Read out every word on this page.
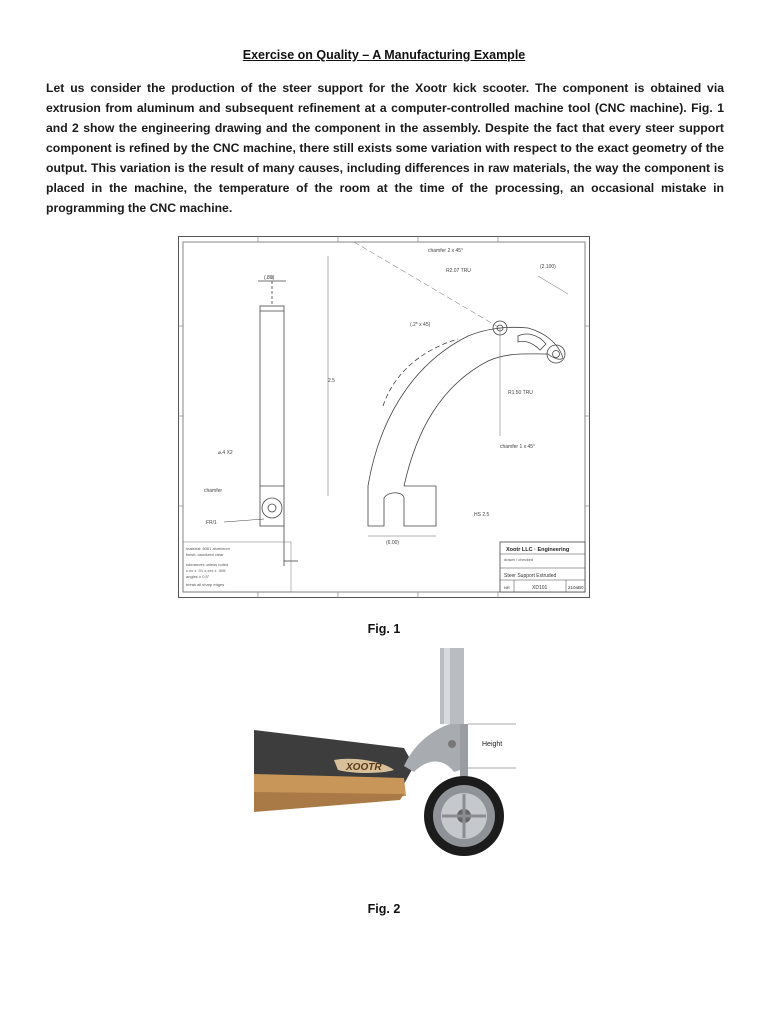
Exercise on Quality – A Manufacturing Example
Let us consider the production of the steer support for the Xootr kick scooter. The component is obtained via extrusion from aluminum and subsequent refinement at a computer-controlled machine tool (CNC machine). Fig. 1 and 2 show the engineering drawing and the component in the assembly. Despite the fact that every steer support component is refined by the CNC machine, there still exists some variation with respect to the exact geometry of the output. This variation is the result of many causes, including differences in raw materials, the way the component is placed in the machine, the temperature of the room at the time of the processing, an occasional mistake in programming the CNC machine.
(.80)
⌀.4 X2
chamfer
FR/1
chamfer 2 x 45°
R2.07 TRU
(2.100)
(.2* x 45)
R1.50 TRU
2.5
chamfer 1 x 45°
HS 2.5
(6.00)
material: 6061 aluminum
finish: anodized clear
tolerances unless noted
x.xx ± .01 x.xxx ± .005
angles ± 0.5°
break all sharp edges
Xootr LLC · Engineering
drawn / checked
Steer Support Extruded
XD101	210aB0
NR
Fig. 1
XOOTR
Height
Fig. 2
